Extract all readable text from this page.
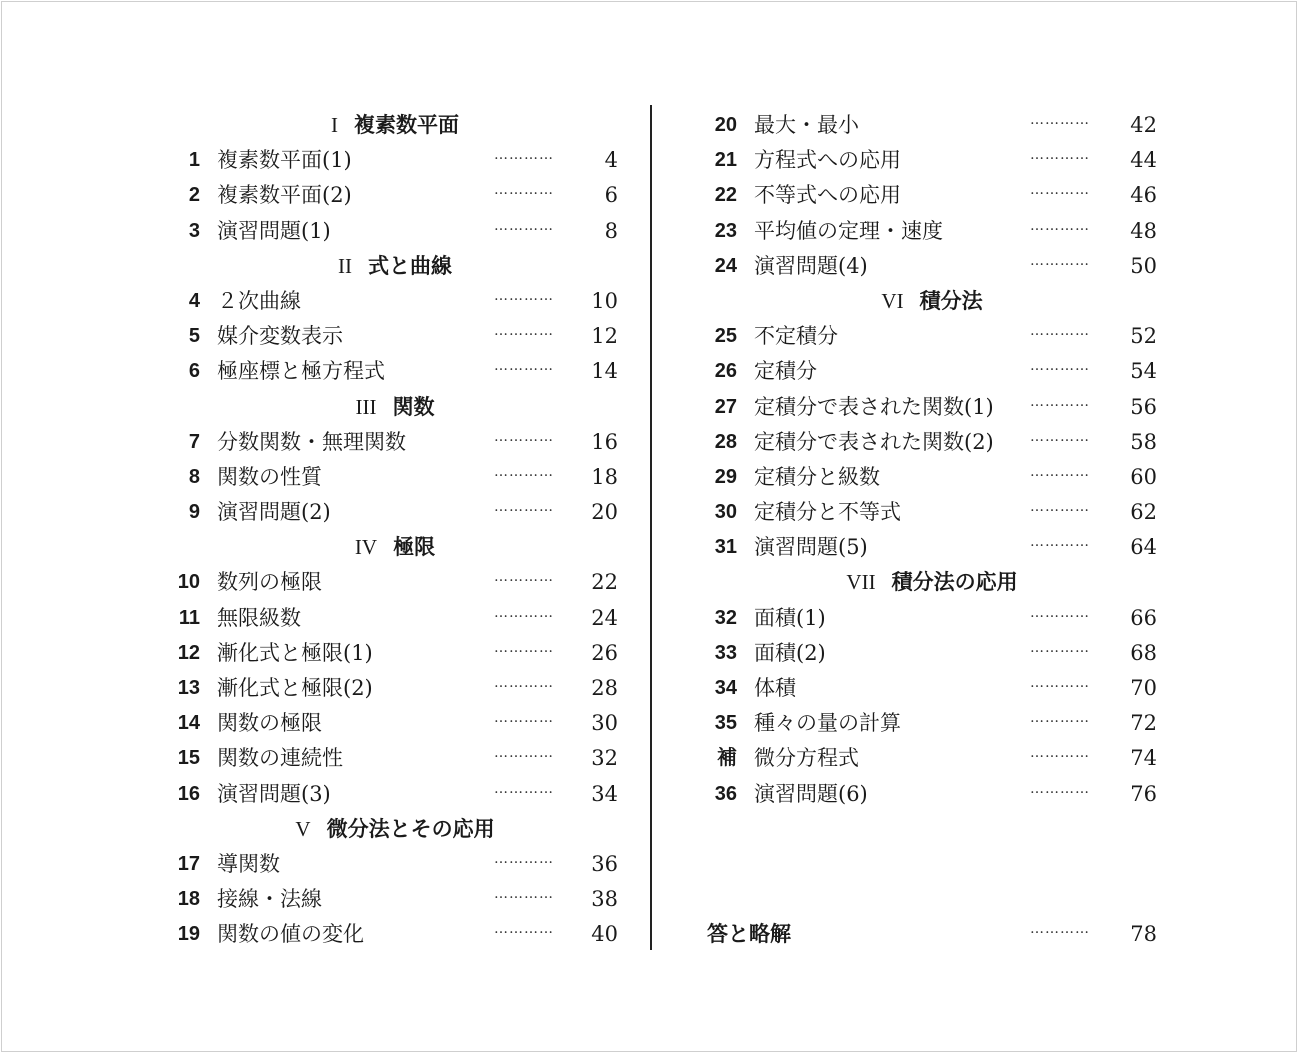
I 複素数平面
1 複素数平面(1)	………… 4
2 複素数平面(2)	………… 6
3 演習問題(1)	………… 8
II 式と曲線
4 ２次曲線	………… 10
5 媒介変数表示	………… 12
6 極座標と極方程式	………… 14
III 関数
7 分数関数・無理関数	………… 16
8 関数の性質	………… 18
9 演習問題(2)	………… 20
IV 極限
10 数列の極限	………… 22
11 無限級数	………… 24
12 漸化式と極限(1)	………… 26
13 漸化式と極限(2)	………… 28
14 関数の極限	………… 30
15 関数の連続性	………… 32
16 演習問題(3)	………… 34
V 微分法とその応用
17 導関数	………… 36
18 接線・法線	………… 38
19 関数の値の変化	………… 40
20 最大・最小	………… 42
21 方程式への応用	………… 44
22 不等式への応用	………… 46
23 平均値の定理・速度	………… 48
24 演習問題(4)	………… 50
VI 積分法
25 不定積分	………… 52
26 定積分	………… 54
27 定積分で表された関数(1)	………… 56
28 定積分で表された関数(2)	………… 58
29 定積分と級数	………… 60
30 定積分と不等式	………… 62
31 演習問題(5)	………… 64
VII 積分法の応用
32 面積(1)	………… 66
33 面積(2)	………… 68
34 体積	………… 70
35 種々の量の計算	………… 72
補 微分方程式	………… 74
36 演習問題(6)	………… 76
答と略解	………… 78
